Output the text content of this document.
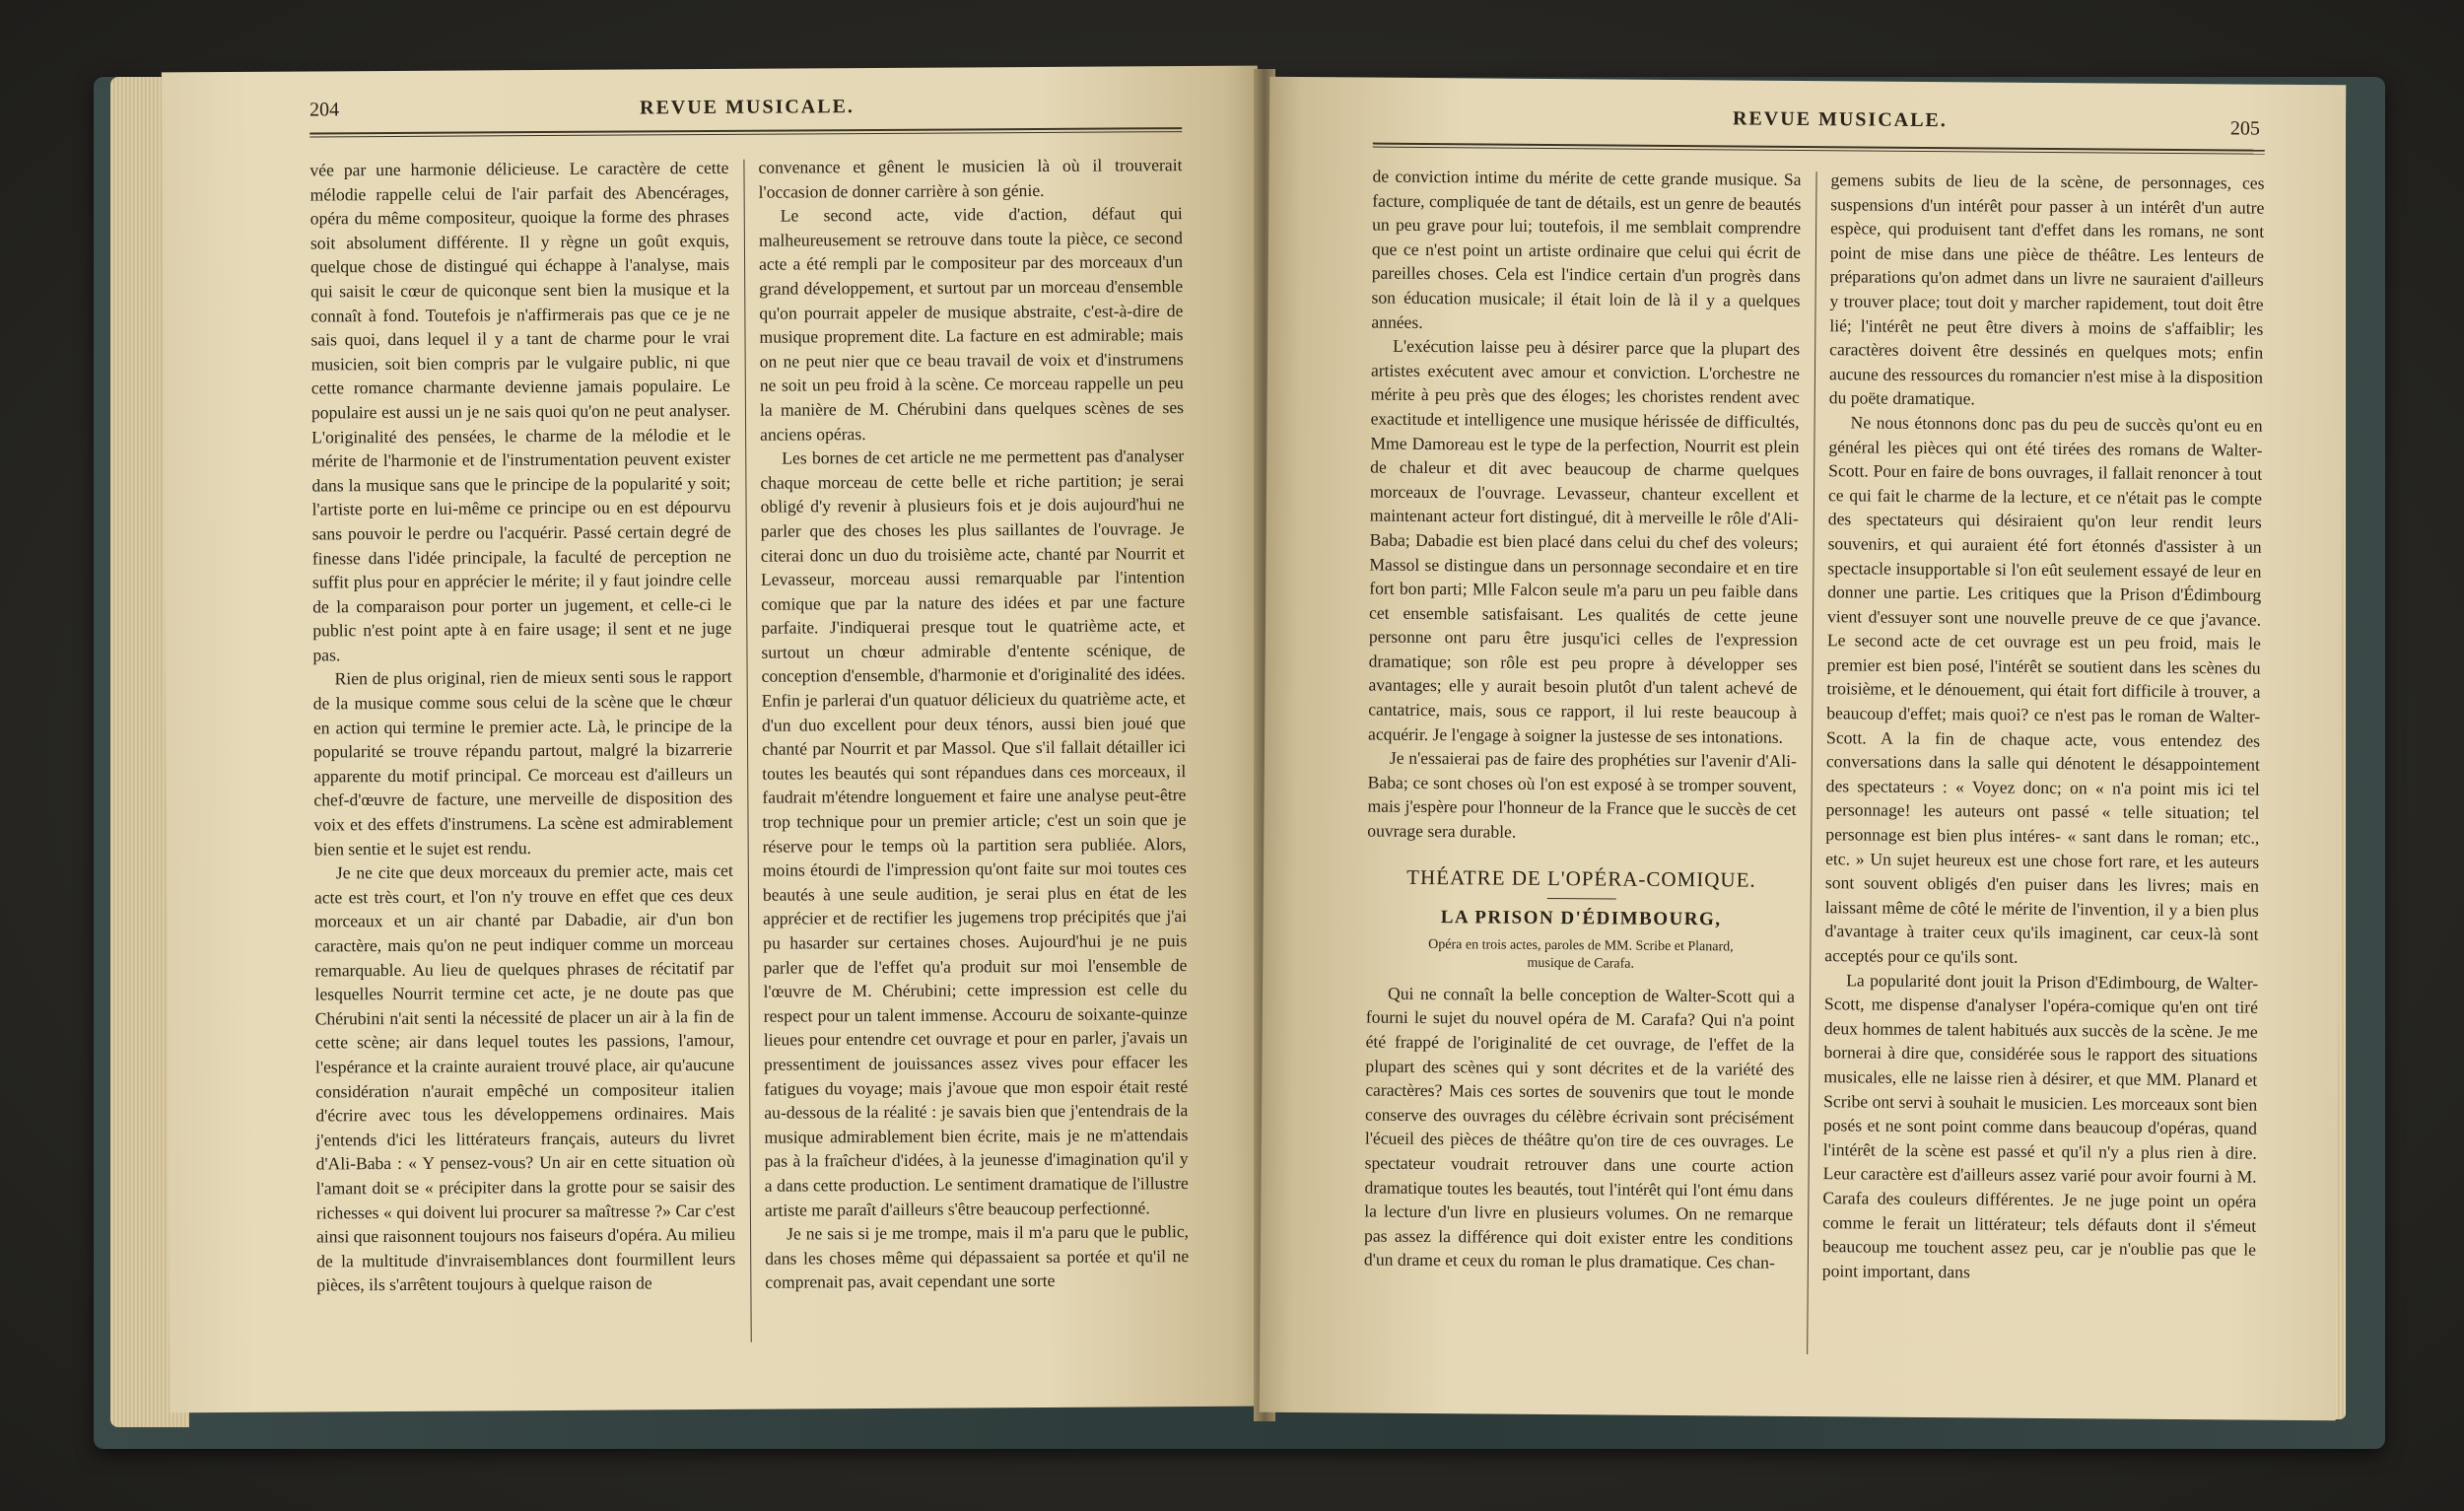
204	REVUE MUSICALE.

vée par une harmonie délicieuse. Le caractère de cette mélodie rappelle celui de l'air parfait des Abencérages, opéra du même compositeur, quoique la forme des phrases soit absolument différente. Il y règne un goût exquis, quelque chose de distingué qui échappe à l'analyse, mais qui saisit le cœur de quiconque sent bien la musique et la connaît à fond. Toutefois je n'affirmerais pas que ce je ne sais quoi, dans lequel il y a tant de charme pour le vrai musicien, soit bien compris par le vulgaire public, ni que cette romance charmante devienne jamais populaire. Le populaire est aussi un je ne sais quoi qu'on ne peut analyser. L'originalité des pensées, le charme de la mélodie et le mérite de l'harmonie et de l'instrumentation peuvent exister dans la musique sans que le principe de la popularité y soit; l'artiste porte en lui-même ce principe ou en est dépourvu sans pouvoir le perdre ou l'acquérir. Passé certain degré de finesse dans l'idée principale, la faculté de perception ne suffit plus pour en apprécier le mérite; il y faut joindre celle de la comparaison pour porter un jugement, et celle-ci le public n'est point apte à en faire usage; il sent et ne juge pas.

Rien de plus original, rien de mieux senti sous le rapport de la musique comme sous celui de la scène que le chœur en action qui termine le premier acte. Là, le principe de la popularité se trouve répandu partout, malgré la bizarrerie apparente du motif principal. Ce morceau est d'ailleurs un chef-d'œuvre de facture, une merveille de disposition des voix et des effets d'instrumens. La scène est admirablement bien sentie et le sujet est rendu.

Je ne cite que deux morceaux du premier acte, mais cet acte est très court, et l'on n'y trouve en effet que ces deux morceaux et un air chanté par Dabadie, air d'un bon caractère, mais qu'on ne peut indiquer comme un morceau remarquable. Au lieu de quelques phrases de récitatif par lesquelles Nourrit termine cet acte, je ne doute pas que Chérubini n'ait senti la nécessité de placer un air à la fin de cette scène; air dans lequel toutes les passions, l'amour, l'espérance et la crainte auraient trouvé place, air qu'aucune considération n'aurait empêché un compositeur italien d'écrire avec tous les développemens ordinaires. Mais j'entends d'ici les littérateurs français, auteurs du livret d'Ali-Baba : « Y pensez-vous? Un air en cette situation où l'amant doit se « précipiter dans la grotte pour se saisir des richesses « qui doivent lui procurer sa maîtresse ?» Car c'est ainsi que raisonnent toujours nos faiseurs d'opéra. Au milieu de la multitude d'invraisemblances dont fourmillent leurs pièces, ils s'arrêtent toujours à quelque raison de

convenance et gênent le musicien là où il trouverait l'occasion de donner carrière à son génie.

Le second acte, vide d'action, défaut qui malheureusement se retrouve dans toute la pièce, ce second acte a été rempli par le compositeur par des morceaux d'un grand développement, et surtout par un morceau d'ensemble qu'on pourrait appeler de musique abstraite, c'est-à-dire de musique proprement dite. La facture en est admirable; mais on ne peut nier que ce beau travail de voix et d'instrumens ne soit un peu froid à la scène. Ce morceau rappelle un peu la manière de M. Chérubini dans quelques scènes de ses anciens opéras.

Les bornes de cet article ne me permettent pas d'analyser chaque morceau de cette belle et riche partition; je serai obligé d'y revenir à plusieurs fois et je dois aujourd'hui ne parler que des choses les plus saillantes de l'ouvrage. Je citerai donc un duo du troisième acte, chanté par Nourrit et Levasseur, morceau aussi remarquable par l'intention comique que par la nature des idées et par une facture parfaite. J'indiquerai presque tout le quatrième acte, et surtout un chœur admirable d'entente scénique, de conception d'ensemble, d'harmonie et d'originalité des idées. Enfin je parlerai d'un quatuor délicieux du quatrième acte, et d'un duo excellent pour deux ténors, aussi bien joué que chanté par Nourrit et par Massol. Que s'il fallait détailler ici toutes les beautés qui sont répandues dans ces morceaux, il faudrait m'étendre longuement et faire une analyse peut-être trop technique pour un premier article; c'est un soin que je réserve pour le temps où la partition sera publiée. Alors, moins étourdi de l'impression qu'ont faite sur moi toutes ces beautés à une seule audition, je serai plus en état de les apprécier et de rectifier les jugemens trop précipités que j'ai pu hasarder sur certaines choses. Aujourd'hui je ne puis parler que de l'effet qu'a produit sur moi l'ensemble de l'œuvre de M. Chérubini; cette impression est celle du respect pour un talent immense. Accouru de soixante-quinze lieues pour entendre cet ouvrage et pour en parler, j'avais un pressentiment de jouissances assez vives pour effacer les fatigues du voyage; mais j'avoue que mon espoir était resté au-dessous de la réalité : je savais bien que j'entendrais de la musique admirablement bien écrite, mais je ne m'attendais pas à la fraîcheur d'idées, à la jeunesse d'imagination qu'il y a dans cette production. Le sentiment dramatique de l'illustre artiste me paraît d'ailleurs s'être beaucoup perfectionné.

Je ne sais si je me trompe, mais il m'a paru que le public, dans les choses même qui dépassaient sa portée et qu'il ne comprenait pas, avait cependant une sorte

REVUE MUSICALE.	205

de conviction intime du mérite de cette grande musique. Sa facture, compliquée de tant de détails, est un genre de beautés un peu grave pour lui; toutefois, il me semblait comprendre que ce n'est point un artiste ordinaire que celui qui écrit de pareilles choses. Cela est l'indice certain d'un progrès dans son éducation musicale; il était loin de là il y a quelques années.

L'exécution laisse peu à désirer parce que la plupart des artistes exécutent avec amour et conviction. L'orchestre ne mérite à peu près que des éloges; les choristes rendent avec exactitude et intelligence une musique hérissée de difficultés, Mme Damoreau est le type de la perfection, Nourrit est plein de chaleur et dit avec beaucoup de charme quelques morceaux de l'ouvrage. Levasseur, chanteur excellent et maintenant acteur fort distingué, dit à merveille le rôle d'Ali-Baba; Dabadie est bien placé dans celui du chef des voleurs; Massol se distingue dans un personnage secondaire et en tire fort bon parti; Mlle Falcon seule m'a paru un peu faible dans cet ensemble satisfaisant. Les qualités de cette jeune personne ont paru être jusqu'ici celles de l'expression dramatique; son rôle est peu propre à développer ses avantages; elle y aurait besoin plutôt d'un talent achevé de cantatrice, mais, sous ce rapport, il lui reste beaucoup à acquérir. Je l'engage à soigner la justesse de ses intonations.

Je n'essaierai pas de faire des prophéties sur l'avenir d'Ali-Baba; ce sont choses où l'on est exposé à se tromper souvent, mais j'espère pour l'honneur de la France que le succès de cet ouvrage sera durable.

THÉATRE DE L'OPÉRA-COMIQUE.
LA PRISON D'ÉDIMBOURG,
Opéra en trois actes, paroles de MM. Scribe et Planard,
musique de Carafa.

Qui ne connaît la belle conception de Walter-Scott qui a fourni le sujet du nouvel opéra de M. Carafa? Qui n'a point été frappé de l'originalité de cet ouvrage, de l'effet de la plupart des scènes qui y sont décrites et de la variété des caractères? Mais ces sortes de souvenirs que tout le monde conserve des ouvrages du célèbre écrivain sont précisément l'écueil des pièces de théâtre qu'on tire de ces ouvrages. Le spectateur voudrait retrouver dans une courte action dramatique toutes les beautés, tout l'intérêt qui l'ont ému dans la lecture d'un livre en plusieurs volumes. On ne remarque pas assez la différence qui doit exister entre les conditions d'un drame et ceux du roman le plus dramatique. Ces chan-

gemens subits de lieu de la scène, de personnages, ces suspensions d'un intérêt pour passer à un intérêt d'un autre espèce, qui produisent tant d'effet dans les romans, ne sont point de mise dans une pièce de théâtre. Les lenteurs de préparations qu'on admet dans un livre ne sauraient d'ailleurs y trouver place; tout doit y marcher rapidement, tout doit être lié; l'intérêt ne peut être divers à moins de s'affaiblir; les caractères doivent être dessinés en quelques mots; enfin aucune des ressources du romancier n'est mise à la disposition du poëte dramatique.

Ne nous étonnons donc pas du peu de succès qu'ont eu en général les pièces qui ont été tirées des romans de Walter-Scott. Pour en faire de bons ouvrages, il fallait renoncer à tout ce qui fait le charme de la lecture, et ce n'était pas le compte des spectateurs qui désiraient qu'on leur rendit leurs souvenirs, et qui auraient été fort étonnés d'assister à un spectacle insupportable si l'on eût seulement essayé de leur en donner une partie. Les critiques que la Prison d'Édimbourg vient d'essuyer sont une nouvelle preuve de ce que j'avance. Le second acte de cet ouvrage est un peu froid, mais le premier est bien posé, l'intérêt se soutient dans les scènes du troisième, et le dénouement, qui était fort difficile à trouver, a beaucoup d'effet; mais quoi? ce n'est pas le roman de Walter-Scott. A la fin de chaque acte, vous entendez des conversations dans la salle qui dénotent le désappointement des spectateurs : « Voyez donc; on « n'a point mis ici tel personnage! les auteurs ont passé « telle situation; tel personnage est bien plus intéres- « sant dans le roman; etc., etc. » Un sujet heureux est une chose fort rare, et les auteurs sont souvent obligés d'en puiser dans les livres; mais en laissant même de côté le mérite de l'invention, il y a bien plus d'avantage à traiter ceux qu'ils imaginent, car ceux-là sont acceptés pour ce qu'ils sont.

La popularité dont jouit la Prison d'Edimbourg, de Walter-Scott, me dispense d'analyser l'opéra-comique qu'en ont tiré deux hommes de talent habitués aux succès de la scène. Je me bornerai à dire que, considérée sous le rapport des situations musicales, elle ne laisse rien à désirer, et que MM. Planard et Scribe ont servi à souhait le musicien. Les morceaux sont bien posés et ne sont point comme dans beaucoup d'opéras, quand l'intérêt de la scène est passé et qu'il n'y a plus rien à dire. Leur caractère est d'ailleurs assez varié pour avoir fourni à M. Carafa des couleurs différentes. Je ne juge point un opéra comme le ferait un littérateur; tels défauts dont il s'émeut beaucoup me touchent assez peu, car je n'oublie pas que le point important, dans
